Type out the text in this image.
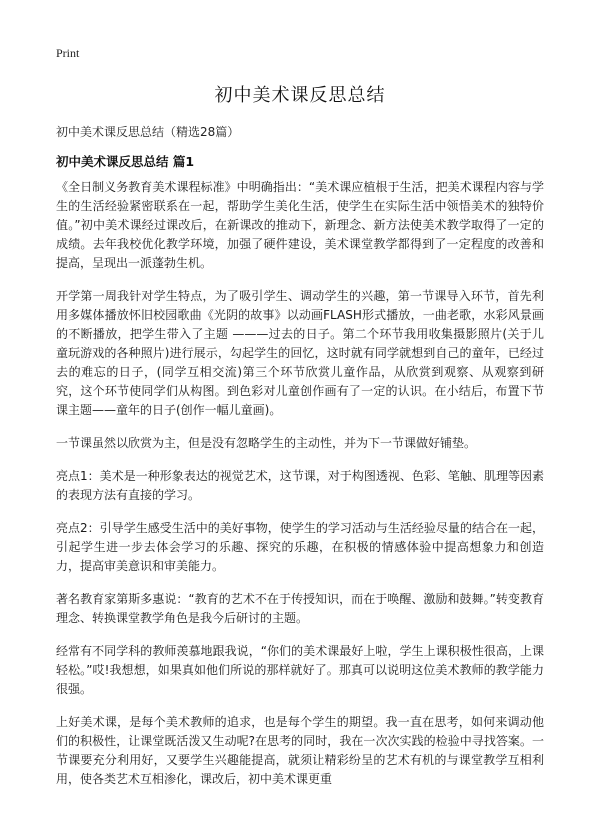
Print
初中美术课反思总结
初中美术课反思总结（精选28篇）
初中美术课反思总结 篇1

《全日制义务教育美术课程标准》中明确指出：“美术课应植根于生活，把美术课程内容与学生的生活经验紧密联系在一起，帮助学生美化生活，使学生在实际生活中领悟美术的独特价值。”初中美术课经过课改后，在新课改的推动下，新理念、新方法使美术教学取得了一定的成绩。去年我校优化教学环境，加强了硬件建设，美术课堂教学都得到了一定程度的改善和提高，呈现出一派蓬勃生机。

开学第一周我针对学生特点，为了吸引学生、调动学生的兴趣，第一节课导入环节，首先利用多媒体播放怀旧校园歌曲《光阴的故事》以动画FLASH形式播放，一曲老歌，水彩风景画的不断播放，把学生带入了主题 ———过去的日子。第二个环节我用收集摄影照片(关于儿童玩游戏的各种照片)进行展示，勾起学生的回忆，这时就有同学就想到自己的童年，已经过去的难忘的日子，(同学互相交流)第三个环节欣赏儿童作品，从欣赏到观察、从观察到研究，这个环节使同学们从构图。到色彩对儿童创作画有了一定的认识。在小结后，布置下节课主题——童年的日子(创作一幅儿童画)。

一节课虽然以欣赏为主，但是没有忽略学生的主动性，并为下一节课做好铺垫。

亮点1：美术是一种形象表达的视觉艺术，这节课，对于构图透视、色彩、笔触、肌理等因素的表现方法有直接的学习。

亮点2：引导学生感受生活中的美好事物，使学生的学习活动与生活经验尽量的结合在一起，引起学生进一步去体会学习的乐趣、探究的乐趣，在积极的情感体验中提高想象力和创造力，提高审美意识和审美能力。

著名教育家第斯多惠说：“教育的艺术不在于传授知识，而在于唤醒、激励和鼓舞。”转变教育理念、转换课堂教学角色是我今后研讨的主题。

经常有不同学科的教师羡慕地跟我说，“你们的美术课最好上啦，学生上课积极性很高，上课轻松。”哎!我想想，如果真如他们所说的那样就好了。那真可以说明这位美术教师的教学能力很强。

上好美术课，是每个美术教师的追求，也是每个学生的期望。我一直在思考，如何来调动他们的积极性，让课堂既活泼又生动呢?在思考的同时，我在一次次实践的检验中寻找答案。一节课要充分利用好，又要学生兴趣能提高，就须让精彩纷呈的艺术有机的与课堂教学互相利用，使各类艺术互相渗化，课改后，初中美术课更重
